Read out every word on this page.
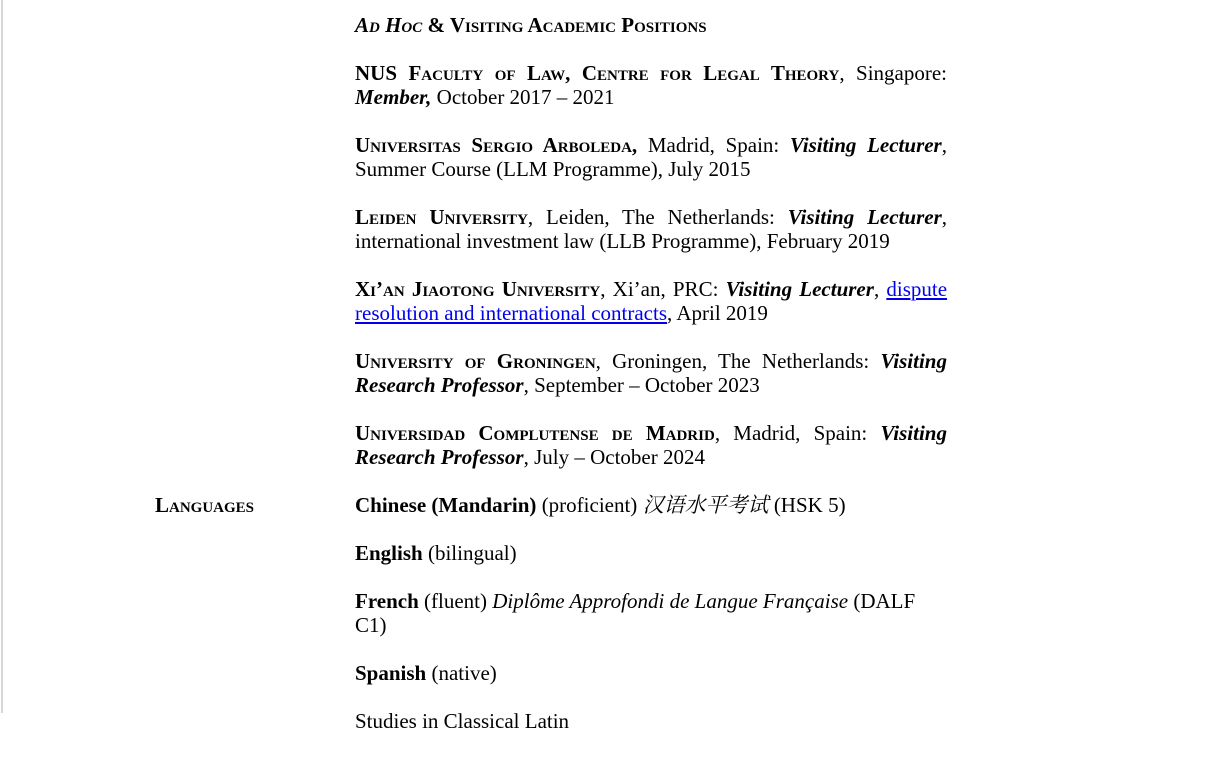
Ad Hoc & Visiting Academic Positions

NUS Faculty of Law, Centre for Legal Theory, Singapore: Member, October 2017 – 2021

Universitas Sergio Arboleda, Madrid, Spain: Visiting Lecturer, Summer Course (LLM Programme), July 2015

Leiden University, Leiden, The Netherlands: Visiting Lecturer, international investment law (LLB Programme), February 2019

Xi’an Jiaotong University, Xi’an, PRC: Visiting Lecturer, dispute resolution and international contracts, April 2019

University of Groningen, Groningen, The Netherlands: Visiting Research Professor, September – October 2023

Universidad Complutense de Madrid, Madrid, Spain: Visiting Research Professor, July – October 2024

Languages	Chinese (Mandarin) (proficient) 汉语水平考试 (HSK 5)

English (bilingual)

French (fluent) Diplôme Approfondi de Langue Française (DALF C1)

Spanish (native)

Studies in Classical Latin
